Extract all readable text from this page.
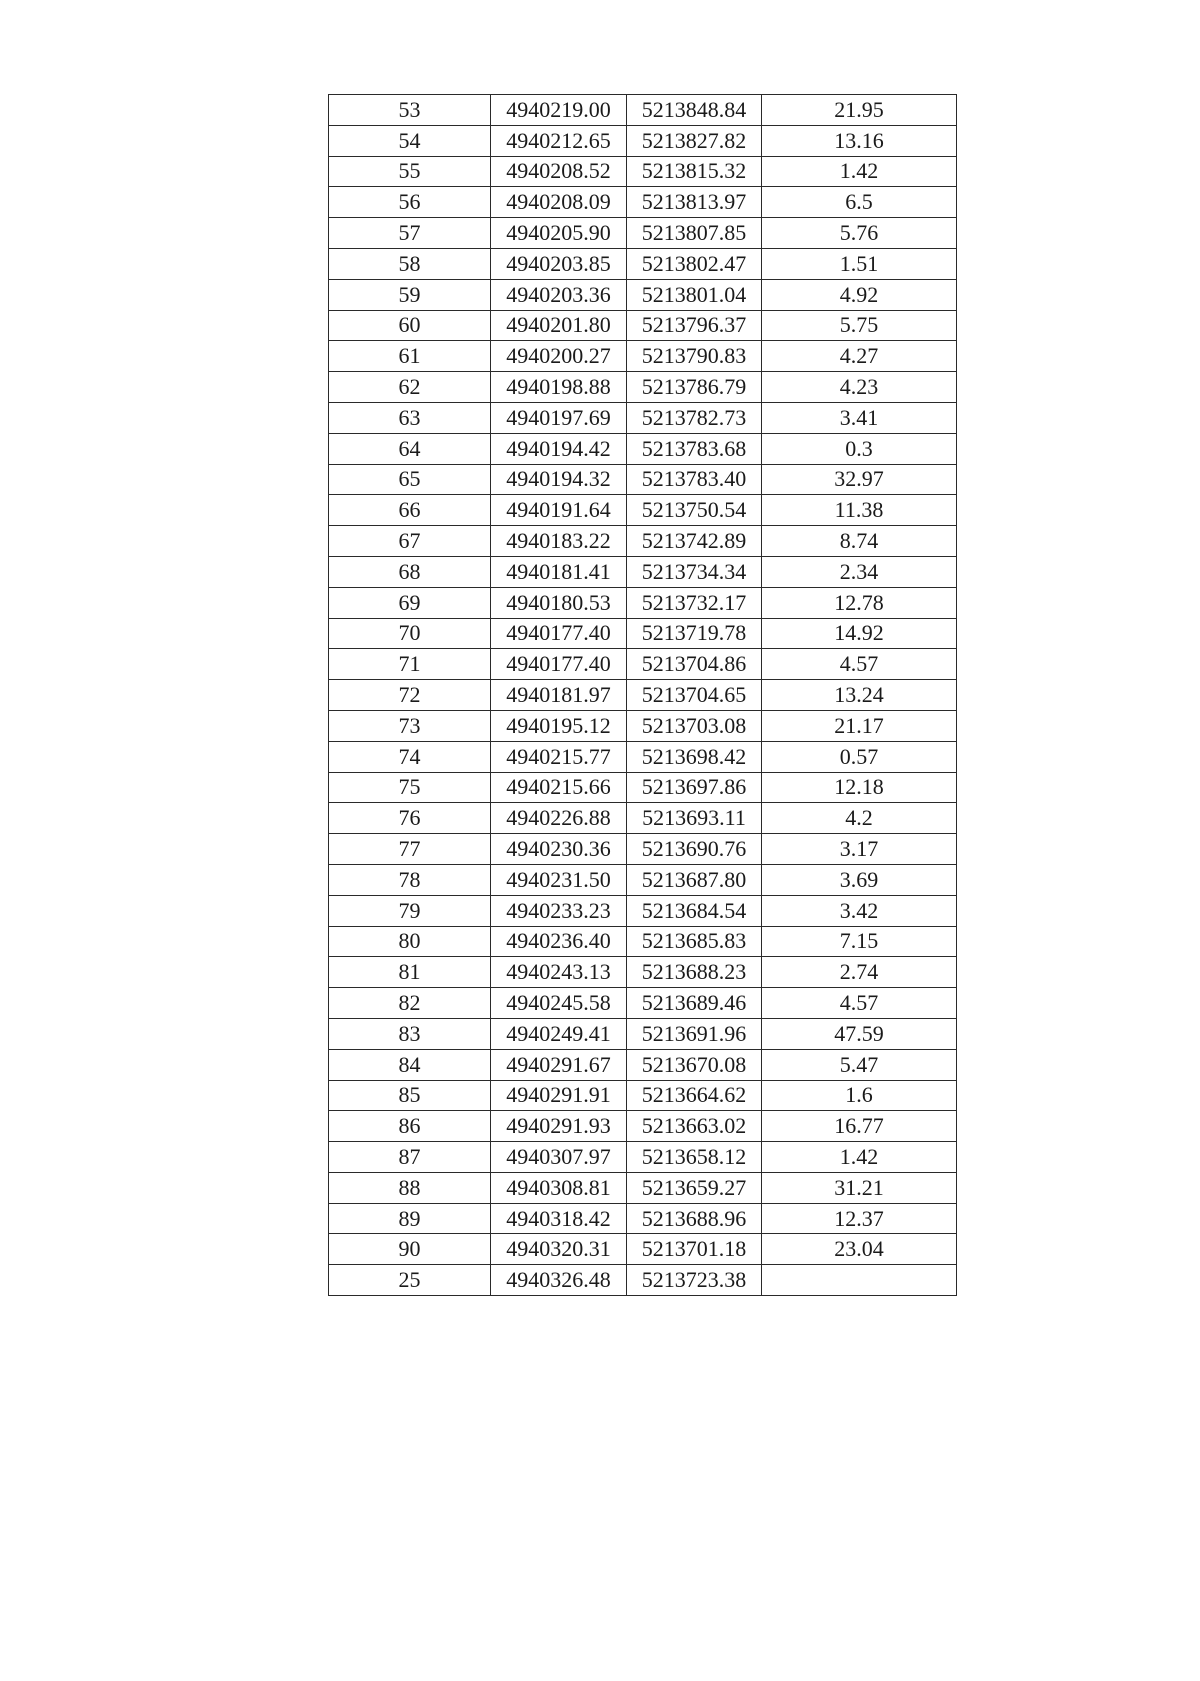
53	4940219.00	5213848.84	21.95
54	4940212.65	5213827.82	13.16
55	4940208.52	5213815.32	1.42
56	4940208.09	5213813.97	6.5
57	4940205.90	5213807.85	5.76
58	4940203.85	5213802.47	1.51
59	4940203.36	5213801.04	4.92
60	4940201.80	5213796.37	5.75
61	4940200.27	5213790.83	4.27
62	4940198.88	5213786.79	4.23
63	4940197.69	5213782.73	3.41
64	4940194.42	5213783.68	0.3
65	4940194.32	5213783.40	32.97
66	4940191.64	5213750.54	11.38
67	4940183.22	5213742.89	8.74
68	4940181.41	5213734.34	2.34
69	4940180.53	5213732.17	12.78
70	4940177.40	5213719.78	14.92
71	4940177.40	5213704.86	4.57
72	4940181.97	5213704.65	13.24
73	4940195.12	5213703.08	21.17
74	4940215.77	5213698.42	0.57
75	4940215.66	5213697.86	12.18
76	4940226.88	5213693.11	4.2
77	4940230.36	5213690.76	3.17
78	4940231.50	5213687.80	3.69
79	4940233.23	5213684.54	3.42
80	4940236.40	5213685.83	7.15
81	4940243.13	5213688.23	2.74
82	4940245.58	5213689.46	4.57
83	4940249.41	5213691.96	47.59
84	4940291.67	5213670.08	5.47
85	4940291.91	5213664.62	1.6
86	4940291.93	5213663.02	16.77
87	4940307.97	5213658.12	1.42
88	4940308.81	5213659.27	31.21
89	4940318.42	5213688.96	12.37
90	4940320.31	5213701.18	23.04
25	4940326.48	5213723.38	
